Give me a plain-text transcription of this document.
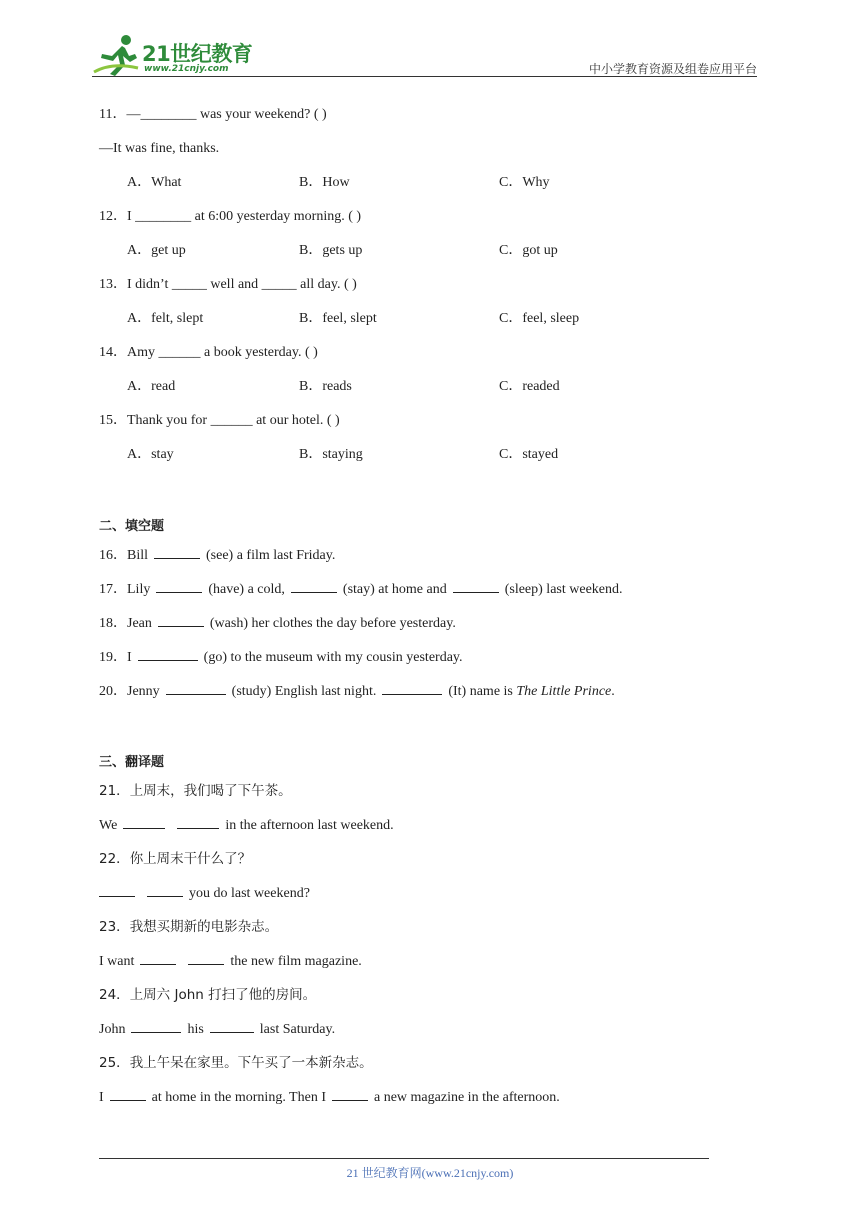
21世纪教育
www.21cnjy.com	中小学教育资源及组卷应用平台
11．—________ was your weekend? ( )
—It was fine, thanks.
A．What	B．How	C．Why
12．I ________ at 6:00 yesterday morning. ( )
A．get up	B．gets up	C．got up
13．I didn’t _____ well and _____ all day. ( )
A．felt, slept	B．feel, slept	C．feel, sleep
14．Amy ______ a book yesterday. ( )
A．read	B．reads	C．readed
15．Thank you for ______ at our hotel. ( )
A．stay	B．staying	C．stayed
二、填空题
16．Bill	(see) a film last Friday.
17．Lily	(have) a cold,	(stay) at home and	(sleep) last weekend.
18．Jean	(wash) her clothes the day before yesterday.
19．I	(go) to the museum with my cousin yesterday.
20．Jenny	(study) English last night.	(It) name is The Little Prince.
三、翻译题
21．上周末，我们喝了下午茶。
We	in the afternoon last weekend.
22．你上周末干什么了？
you do last weekend?
23．我想买期新的电影杂志。
I want	the new film magazine.
24．上周六 John 打扫了他的房间。
John	his	last Saturday.
25．我上午呆在家里。下午买了一本新杂志。
I	at home in the morning. Then I	a new magazine in the afternoon.
21 世纪教育网(www.21cnjy.com)
